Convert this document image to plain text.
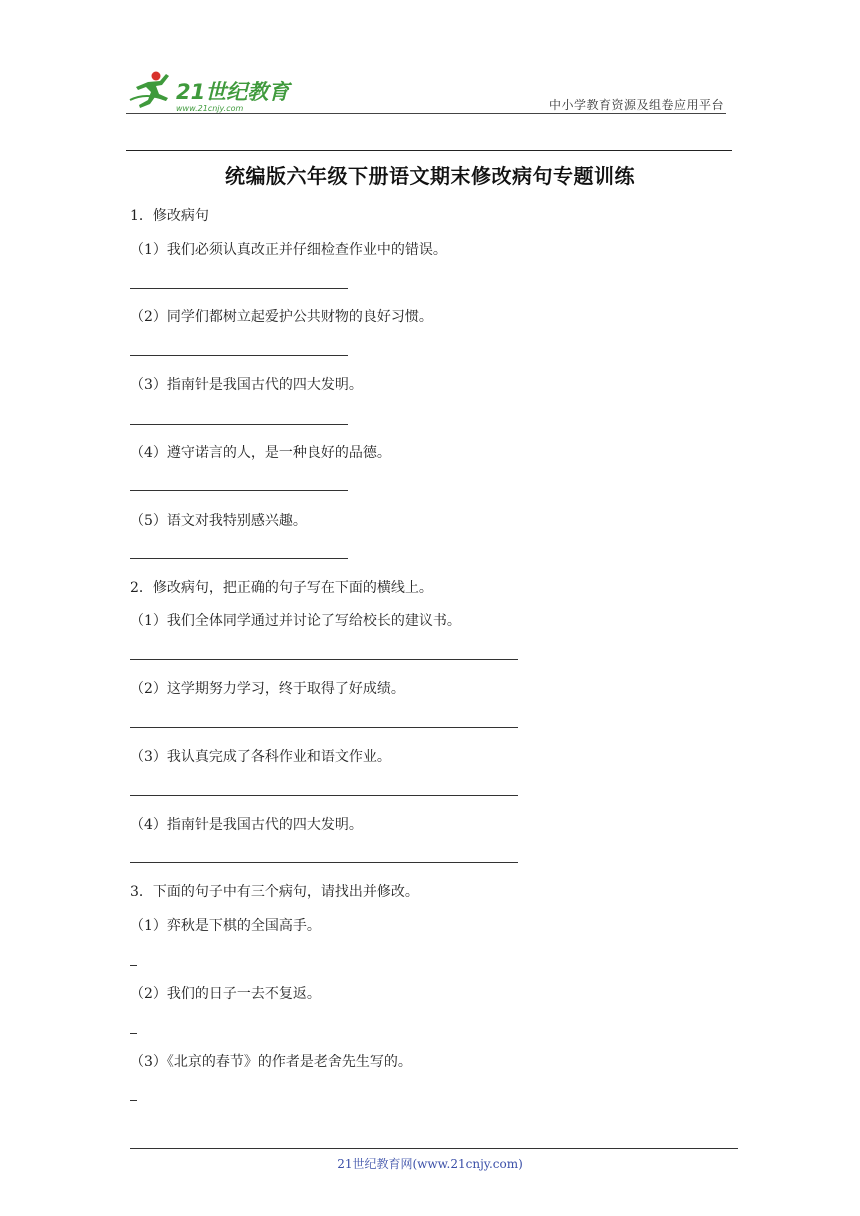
21世纪教育
www.21cnjy.com	中小学教育资源及组卷应用平台
统编版六年级下册语文期末修改病句专题训练
1．修改病句
（1）我们必须认真改正并仔细检查作业中的错误。
（2）同学们都树立起爱护公共财物的良好习惯。
（3）指南针是我国古代的四大发明。
（4）遵守诺言的人，是一种良好的品德。
（5）语文对我特别感兴趣。
2．修改病句，把正确的句子写在下面的横线上。
（1）我们全体同学通过并讨论了写给校长的建议书。
（2）这学期努力学习，终于取得了好成绩。
（3）我认真完成了各科作业和语文作业。
（4）指南针是我国古代的四大发明。
3．下面的句子中有三个病句，请找出并修改。
（1）弈秋是下棋的全国高手。
（2）我们的日子一去不复返。
（3）《北京的春节》的作者是老舍先生写的。
21世纪教育网(www.21cnjy.com)
